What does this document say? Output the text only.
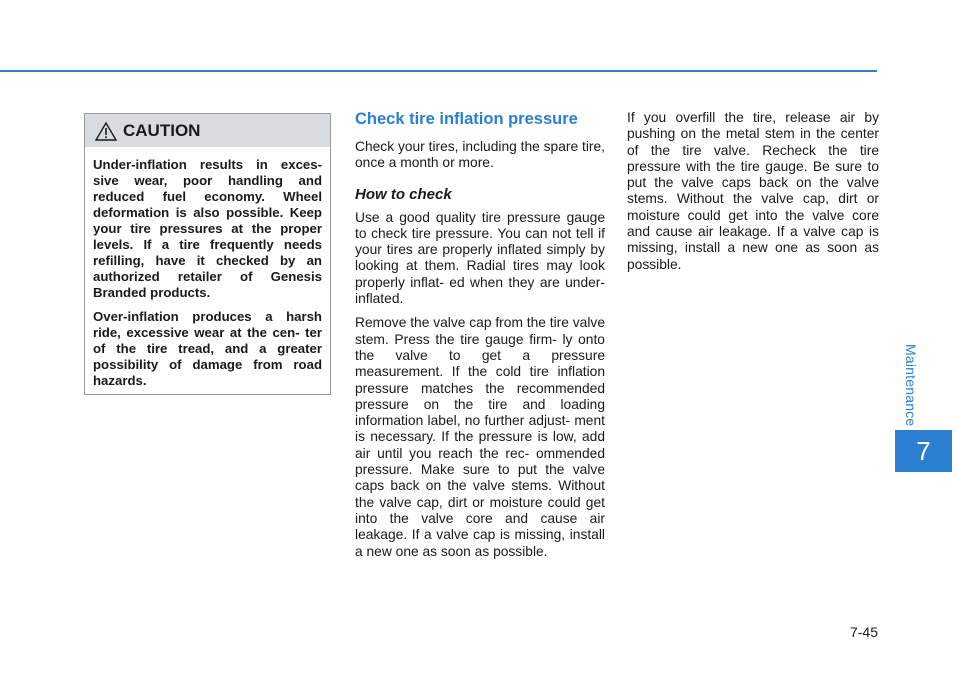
CAUTION

Under-inflation results in exces- sive wear, poor handling and reduced fuel economy. Wheel deformation is also possible. Keep your tire pressures at the proper levels. If a tire frequently needs refilling, have it checked by an authorized retailer of Genesis Branded products.

Over-inflation produces a harsh ride, excessive wear at the cen- ter of the tire tread, and a greater possibility of damage from road hazards.

Check tire inflation pressure

Check your tires, including the spare tire, once a month or more.

How to check

Use a good quality tire pressure gauge to check tire pressure. You can not tell if your tires are properly inflated simply by looking at them. Radial tires may look properly inflat- ed when they are under-inflated.

Remove the valve cap from the tire valve stem. Press the tire gauge firm- ly onto the valve to get a pressure measurement. If the cold tire inflation pressure matches the recommended pressure on the tire and loading information label, no further adjust- ment is necessary. If the pressure is low, add air until you reach the rec- ommended pressure. Make sure to put the valve caps back on the valve stems. Without the valve cap, dirt or moisture could get into the valve core and cause air leakage. If a valve cap is missing, install a new one as soon as possible.

If you overfill the tire, release air by pushing on the metal stem in the center of the tire valve. Recheck the tire pressure with the tire gauge. Be sure to put the valve caps back on the valve stems. Without the valve cap, dirt or moisture could get into the valve core and cause air leakage. If a valve cap is missing, install a new one as soon as possible.

Maintenance
7
7-45
